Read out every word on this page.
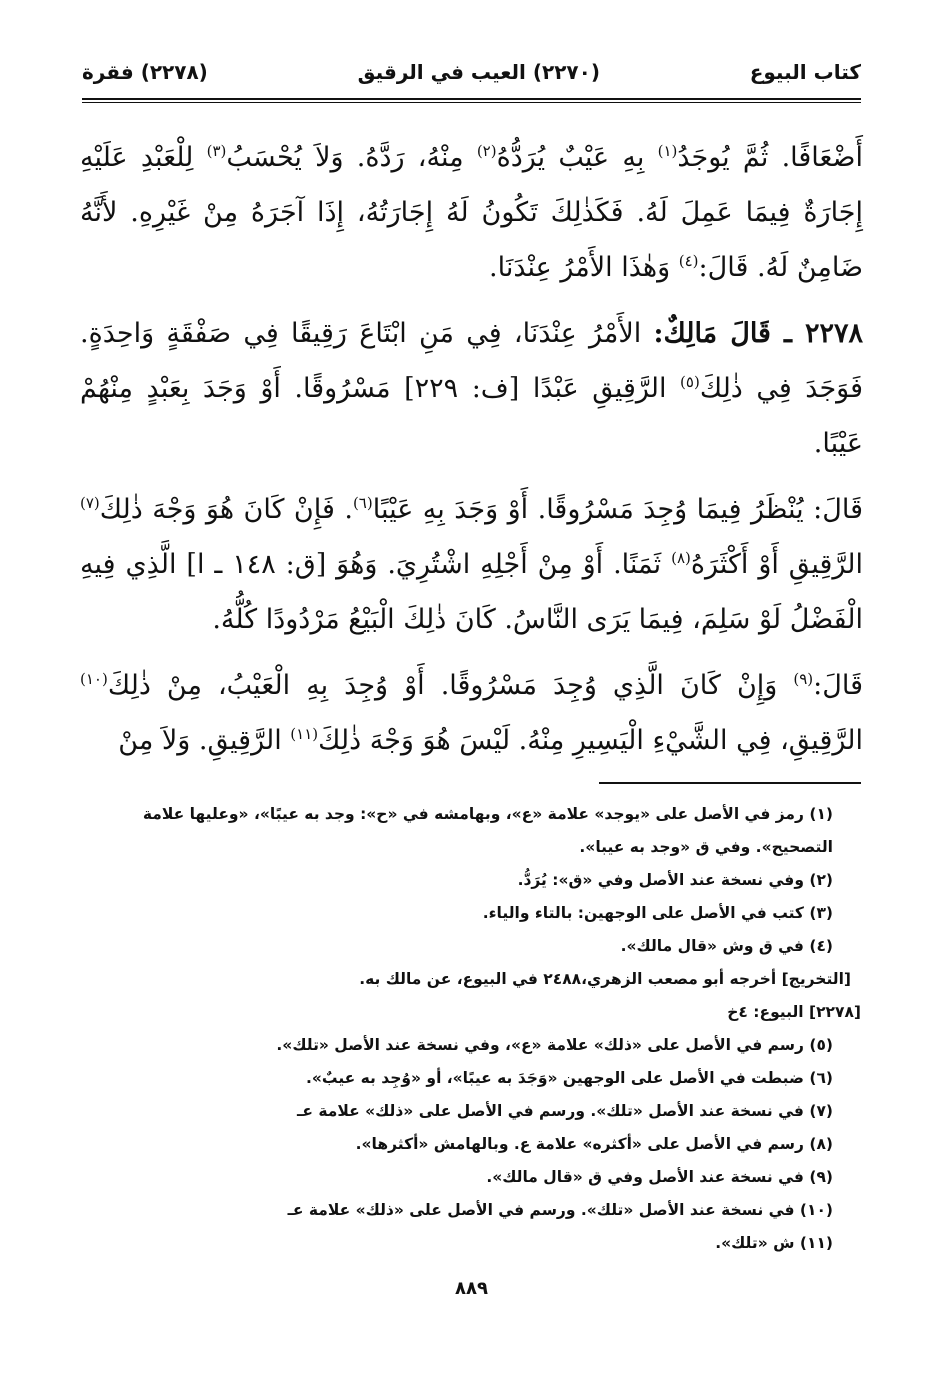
كتاب البيوع
(٢٢٧٠) العيب في الرقيق
(٢٢٧٨) فقرة

أَضْعَافًا. ثُمَّ يُوجَدُ$^{(١)}$ بِهِ عَيْبٌ يُرَدُّهُ$^{(٢)}$ مِنْهُ، رَدَّهُ. وَلاَ يُحْسَبُ$^{(٣)}$ لِلْعَبْدِ عَلَيْهِ إِجَارَةٌ فِيمَا عَمِلَ لَهُ. فَكَذٰلِكَ تَكُونُ لَهُ إِجَارَتُهُ، إِذَا آجَرَهُ مِنْ غَيْرِهِ. لأَنَّهُ ضَامِنٌ لَهُ. قَالَ:$^{(٤)}$ وَهٰذَا الأَمْرُ عِنْدَنَا.

٢٢٧٨ ـ قَالَ مَالِكٌ: الأَمْرُ عِنْدَنَا، فِي مَنِ ابْتَاعَ رَقِيقًا فِي صَفْقَةٍ وَاحِدَةٍ. فَوَجَدَ فِي ذٰلِكَ$^{(٥)}$ الرَّقِيقِ عَبْدًا [ف: ٢٢٩] مَسْرُوقًا. أَوْ وَجَدَ بِعَبْدٍ مِنْهُمْ عَيْبًا.

قَالَ: يُنْظَرُ فِيمَا وُجِدَ مَسْرُوقًا. أَوْ وَجَدَ بِهِ عَيْبًا$^{(٦)}$. فَإِنْ كَانَ هُوَ وَجْهَ ذٰلِكَ$^{(٧)}$ الرَّقِيقِ أَوْ أَكْثَرَهُ$^{(٨)}$ ثَمَنًا. أَوْ مِنْ أَجْلِهِ اشْتُرِيَ. وَهُوَ [ق: ١٤٨ ـ ا] الَّذِي فِيهِ الْفَضْلُ لَوْ سَلِمَ، فِيمَا يَرَى النَّاسُ. كَانَ ذٰلِكَ الْبَيْعُ مَرْدُودًا كُلُّهُ.

قَالَ:$^{(٩)}$ وَإِنْ كَانَ الَّذِي وُجِدَ مَسْرُوقًا. أَوْ وُجِدَ بِهِ الْعَيْبُ، مِنْ ذٰلِكَ$^{(١٠)}$ الرَّقِيقِ، فِي الشَّيْءِ الْيَسِيرِ مِنْهُ. لَيْسَ هُوَ وَجْهَ ذٰلِكَ$^{(١١)}$ الرَّقِيقِ. وَلاَ مِنْ

(١) رمز في الأصل على «يوجد» علامة «ع»، وبهامشه في «ح»: وجد به عيبًا»، «وعليها علامة التصحيح». وفي ق «وجد به عيبا».

(٢) وفي نسخة عند الأصل وفي «ق»: يُرَدُّ.

(٣) كتب في الأصل على الوجهين: بالتاء والياء.

(٤) في ق وش «قال مالك».

[التخريج] أخرجه أبو مصعب الزهري،٢٤٨٨ في البيوع، عن مالك به.

[٢٢٧٨] البيوع: ٤خ

(٥) رسم في الأصل على «ذلك» علامة «ع»، وفي نسخة عند الأصل «تلك».

(٦) ضبطت في الأصل على الوجهين «وَجَدَ به عيبًا»، أو «وُجِد به عيبٌ».

(٧) في نسخة عند الأصل «تلك». ورسم في الأصل على «ذلك» علامة عـ

(٨) رسم في الأصل على «أكثره» علامة ع. وبالهامش «أكثرها».

(٩) في نسخة عند الأصل وفي ق «قال مالك».

(١٠) في نسخة عند الأصل «تلك». ورسم في الأصل على «ذلك» علامة عـ

(١١) ش «تلك».

٨٨٩
